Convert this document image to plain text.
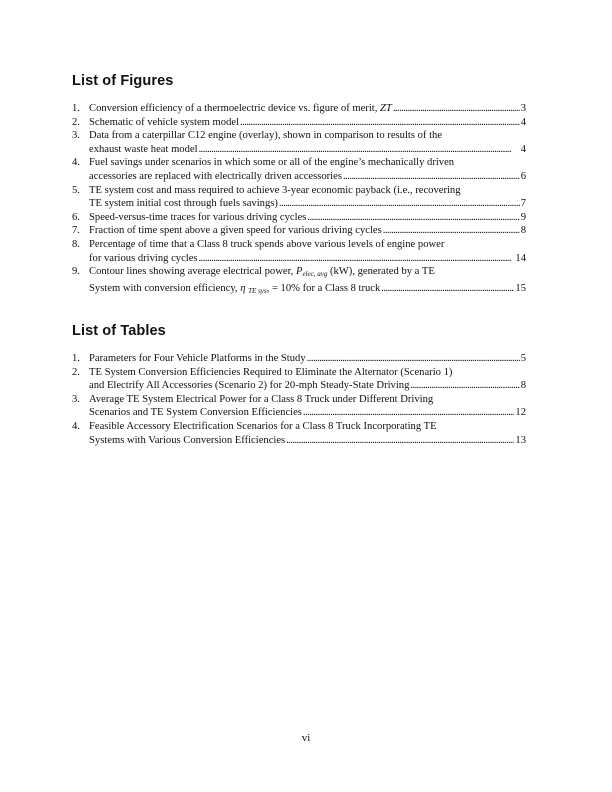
List of Figures
1. Conversion efficiency of a thermoelectric device vs. figure of merit, ZT . . .	3
2. Schematic of vehicle system model . . .	4
3. Data from a caterpillar C12 engine (overlay), shown in comparison to results of the
exhaust waste heat model . . .	4
4. Fuel savings under scenarios in which some or all of the engine’s mechanically driven
accessories are replaced with electrically driven accessories . . .	6
5. TE system cost and mass required to achieve 3-year economic payback (i.e., recovering
TE system initial cost through fuels savings) . . .	7
6. Speed-versus-time traces for various driving cycles . . .	9
7. Fraction of time spent above a given speed for various driving cycles . . .	8
8. Percentage of time that a Class 8 truck spends above various levels of engine power
for various driving cycles . . .	14
9. Contour lines showing average electrical power, $P_{elec, avg}$ (kW), generated by a TE
System with conversion efficiency, η $_{TE sys}$, = 10% for a Class 8 truck . . .	15
List of Tables
1. Parameters for Four Vehicle Platforms in the Study . . .	5
2. TE System Conversion Efficiencies Required to Eliminate the Alternator (Scenario 1)
and Electrify All Accessories (Scenario 2) for 20-mph Steady-State Driving . . .	8
3. Average TE System Electrical Power for a Class 8 Truck under Different Driving
Scenarios and TE System Conversion Efficiencies . . .	12
4. Feasible Accessory Electrification Scenarios for a Class 8 Truck Incorporating TE
Systems with Various Conversion Efficiencies . . .	13
vi
